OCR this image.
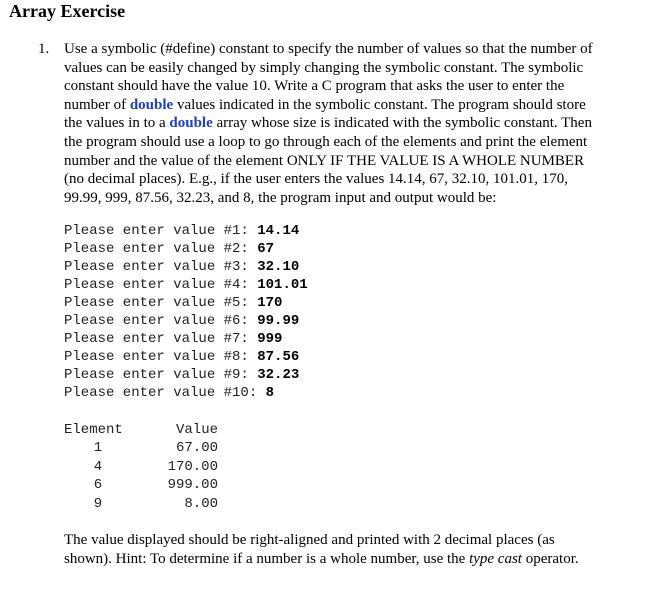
Array Exercise
1. Use a symbolic (#define) constant to specify the number of values so that the number of
values can be easily changed by simply changing the symbolic constant. The symbolic
constant should have the value 10. Write a C program that asks the user to enter the
number of double values indicated in the symbolic constant. The program should store
the values in to a double array whose size is indicated with the symbolic constant. Then
the program should use a loop to go through each of the elements and print the element
number and the value of the element ONLY IF THE VALUE IS A WHOLE NUMBER
(no decimal places). E.g., if the user enters the values 14.14, 67, 32.10, 101.01, 170,
99.99, 999, 87.56, 32.23, and 8, the program input and output would be:
Please enter value #1: 14.14
Please enter value #2: 67
Please enter value #3: 32.10
Please enter value #4: 101.01
Please enter value #5: 170
Please enter value #6: 99.99
Please enter value #7: 999
Please enter value #8: 87.56
Please enter value #9: 32.23
Please enter value #10: 8
Element	Value
1	67.00
4	170.00
6	999.00
9	8.00
The value displayed should be right-aligned and printed with 2 decimal places (as
shown). Hint: To determine if a number is a whole number, use the type cast operator.
